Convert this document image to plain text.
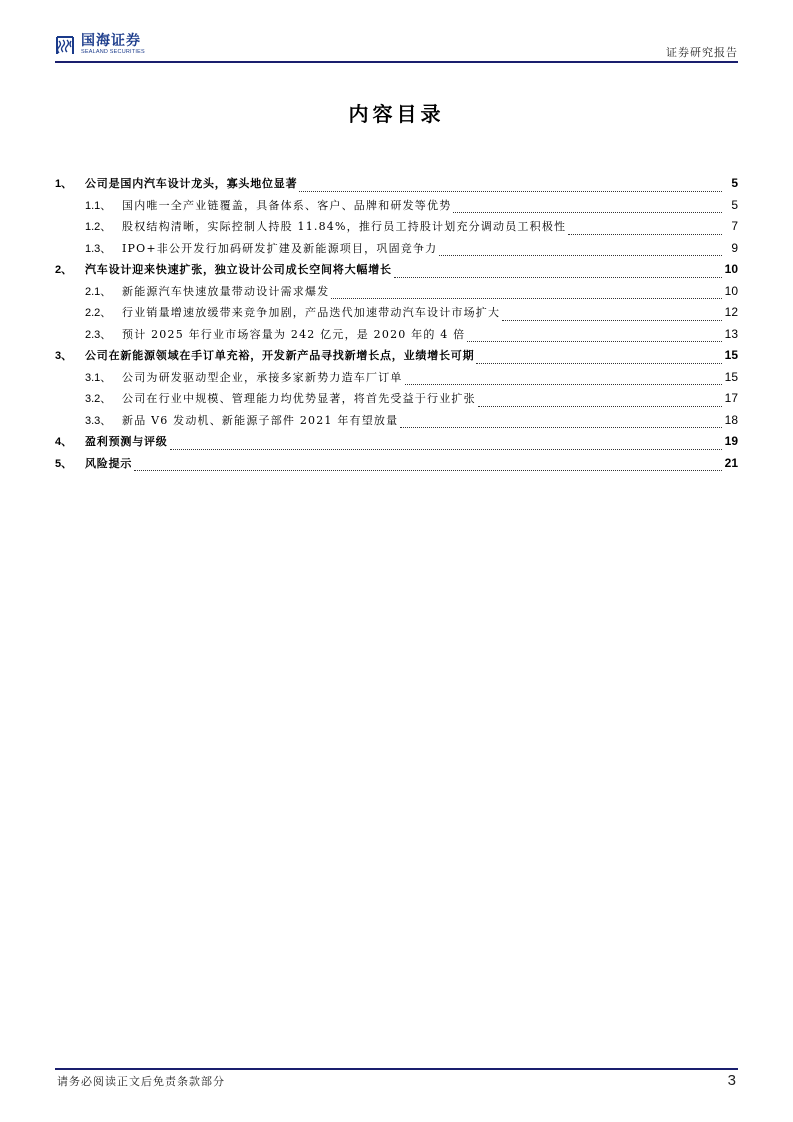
国海证券
SEALAND SECURITIES	证券研究报告
内容目录
1、	公司是国内汽车设计龙头，寡头地位显著	5
1.1、 国内唯一全产业链覆盖，具备体系、客户、品牌和研发等优势	5
1.2、 股权结构清晰，实际控制人持股 11.84%，推行员工持股计划充分调动员工积极性	7
1.3、 IPO+非公开发行加码研发扩建及新能源项目，巩固竞争力	9
2、	汽车设计迎来快速扩张，独立设计公司成长空间将大幅增长	10
2.1、 新能源汽车快速放量带动设计需求爆发	10
2.2、 行业销量增速放缓带来竞争加剧，产品迭代加速带动汽车设计市场扩大	12
2.3、 预计 2025 年行业市场容量为 242 亿元，是 2020 年的 4 倍	13
3、	公司在新能源领域在手订单充裕，开发新产品寻找新增长点，业绩增长可期	15
3.1、 公司为研发驱动型企业，承接多家新势力造车厂订单	15
3.2、 公司在行业中规模、管理能力均优势显著，将首先受益于行业扩张	17
3.3、 新品 V6 发动机、新能源子部件 2021 年有望放量	18
4、	盈利预测与评级	19
5、	风险提示	21
请务必阅读正文后免责条款部分	3
